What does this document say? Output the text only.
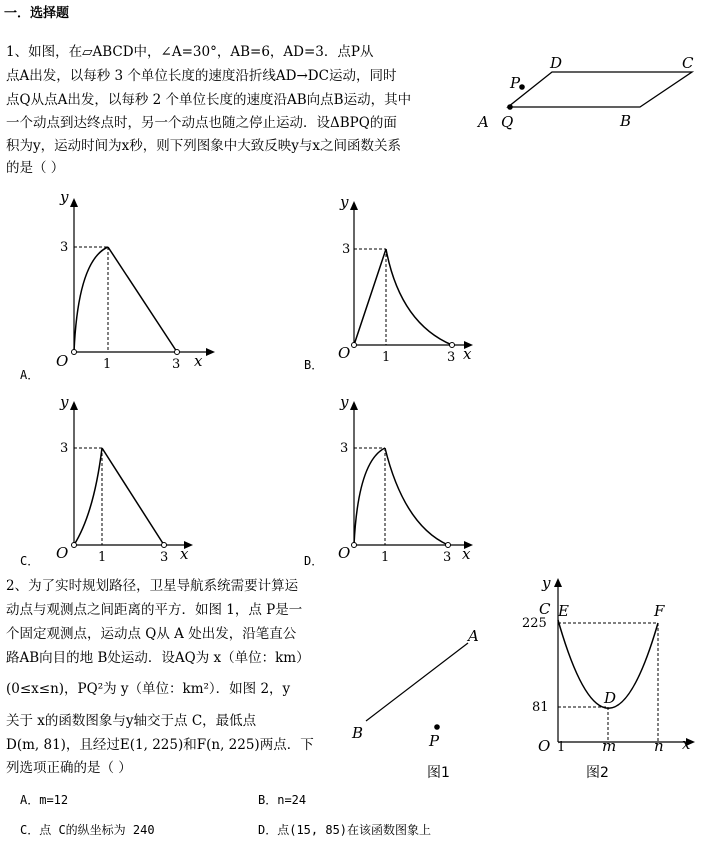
一．选择题
1、如图，在▱ABCD中，∠A=30°，AB=6，AD=3．点P从
点A出发，以每秒 3 个单位长度的速度沿折线AD→DC运动，同时
点Q从点A出发，以每秒 2 个单位长度的速度沿AB向点B运动，其中
一个动点到达终点时，另一个动点也随之停止运动．设ΔBPQ的面
积为y，运动时间为x秒，则下列图象中大致反映y与x之间函数关系
的是（ ）
A Q
P
D	C
B
y
x
O	1	3
3
A．
y
x
O 1	3
3
B．
y
x
O 1	3
3
C．
y
x
O 1	3
3
D．
2、为了实时规划路径，卫星导航系统需要计算运
动点与观测点之间距离的平方．如图 1，点 P是一
个固定观测点，运动点 Q从 A 处出发，沿笔直公
路AB向目的地 B处运动．设AQ为 x（单位：km）
(0≤x≤n)，PQ²为 y（单位：km²）．如图 2，y
关于 x的函数图象与y轴交于点 C，最低点
D(m, 81)，且经过E(1, 225)和F(n, 225)两点．下
列选项正确的是（ ）
A
B	P
图1
y
x
O
C E	F
D
225
81
1 m	n
图2
A．m=12	B．n=24
C．点 C的纵坐标为 240	D．点(15, 85)在该函数图象上
